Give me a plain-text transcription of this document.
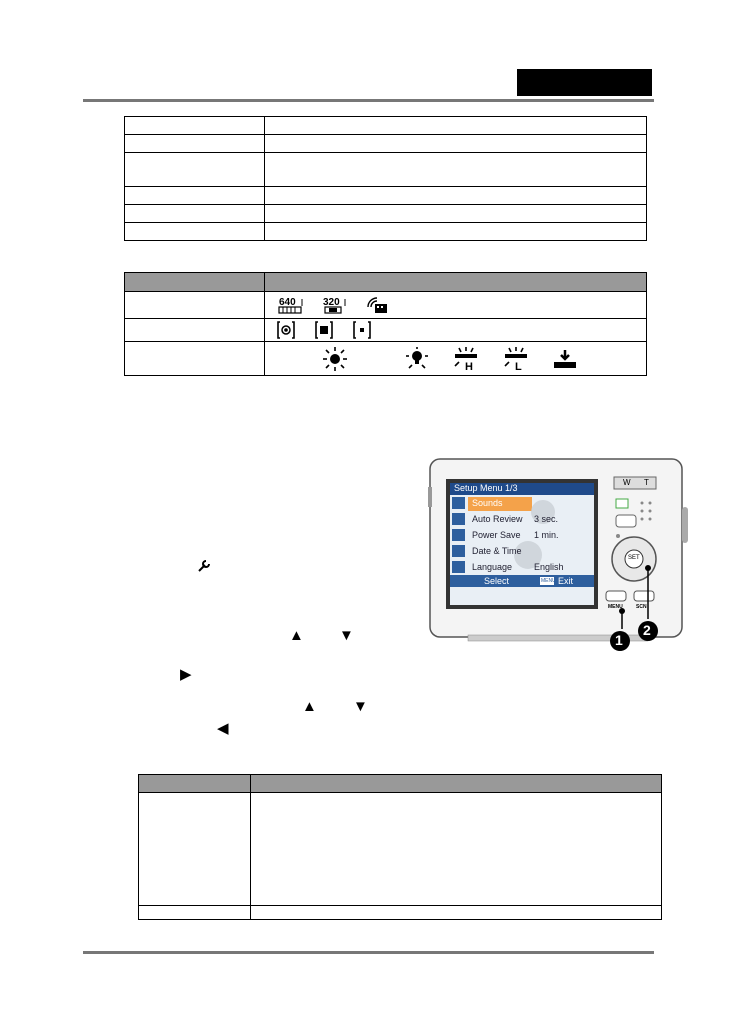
640 320

H L
Setup Menu 1/3
Sounds
Auto Review 3 sec.
Power Save 1 min.
Date & Time
Language English
Select	MENU Exit
W T
SET
MENU	SCN
1
2
▲ ▼
▶
▲ ▼
◀
